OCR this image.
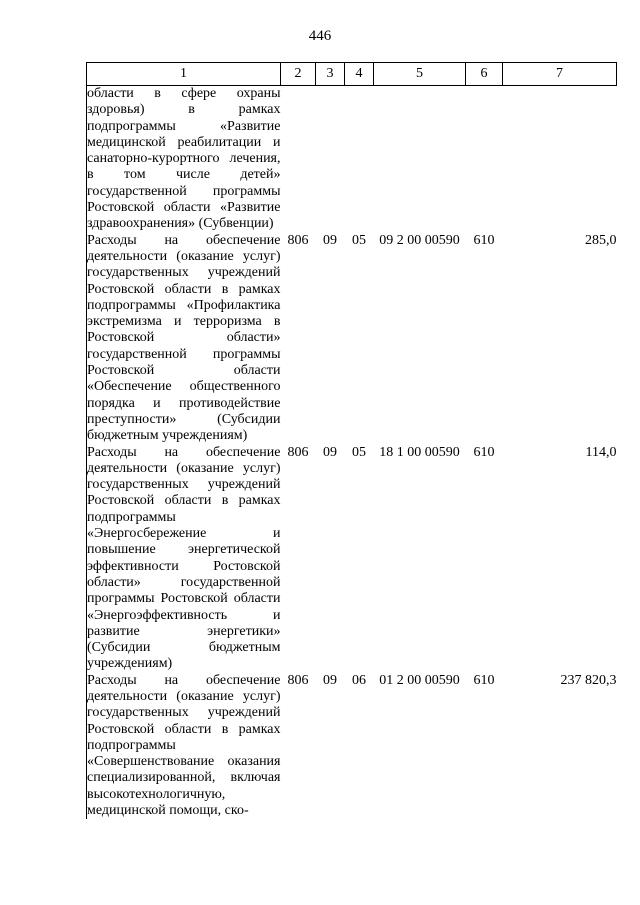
446
1	2	3	4	5	6	7
области в сфере охраны здоровья) в рамках подпрограммы «Развитие медицинской реабилитации и санаторно-курортного лечения, в том числе детей» государственной программы Ростовской области «Развитие здравоохранения» (Субвенции)						
Расходы на обеспечение деятельности (оказание услуг) государственных учреждений Ростовской области в рамках подпрограммы «Профилактика экстремизма и терроризма в Ростовской области» государственной программы Ростовской области «Обеспечение общественного порядка и противодействие преступности» (Субсидии бюджетным учреждениям)	806	09	05	09 2 00 00590	610	285,0
Расходы на обеспечение деятельности (оказание услуг) государственных учреждений Ростовской области в рамках подпрограммы «Энергосбережение и повышение энергетической эффективности Ростовской области» государственной программы Ростовской области «Энергоэффективность и развитие энергетики» (Субсидии бюджетным учреждениям)	806	09	05	18 1 00 00590	610	114,0
Расходы на обеспечение деятельности (оказание услуг) государственных учреждений Ростовской области в рамках подпрограммы «Совершенствование оказания специализированной, включая высокотехнологичную, медицинской помощи, ско-	806	09	06	01 2 00 00590	610	237 820,3
